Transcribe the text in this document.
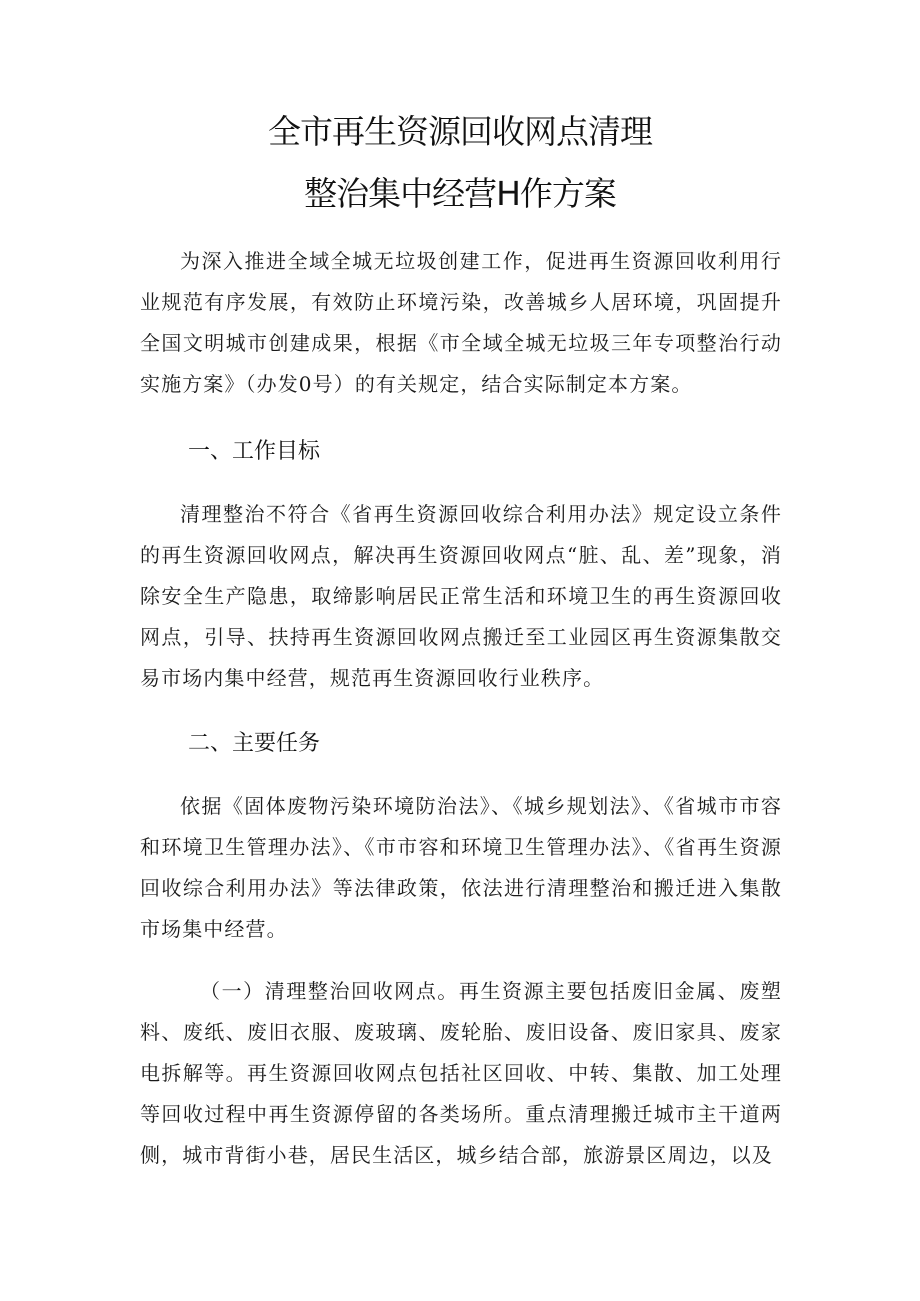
全市再生资源回收网点清理
整治集中经营H作方案
为深入推进全域全城无垃圾创建工作，促进再生资源回收利用行业规范有序发展，有效防止环境污染，改善城乡人居环境，巩固提升全国文明城市创建成果，根据《市全域全城无垃圾三年专项整治行动实施方案》（办发0号）的有关规定，结合实际制定本方案。
一、工作目标
清理整治不符合《省再生资源回收综合利用办法》规定设立条件的再生资源回收网点，解决再生资源回收网点“脏、乱、差”现象，消除安全生产隐患，取缔影响居民正常生活和环境卫生的再生资源回收网点，引导、扶持再生资源回收网点搬迁至工业园区再生资源集散交易市场内集中经营，规范再生资源回收行业秩序。
二、主要任务
依据《固体废物污染环境防治法》、《城乡规划法》、《省城市市容和环境卫生管理办法》、《市市容和环境卫生管理办法》、《省再生资源回收综合利用办法》等法律政策，依法进行清理整治和搬迁进入集散市场集中经营。
（一）清理整治回收网点。再生资源主要包括废旧金属、废塑料、废纸、废旧衣服、废玻璃、废轮胎、废旧设备、废旧家具、废家电拆解等。再生资源回收网点包括社区回收、中转、集散、加工处理等回收过程中再生资源停留的各类场所。重点清理搬迁城市主干道两侧，城市背街小巷，居民生活区，城乡结合部，旅游景区周边，以及
